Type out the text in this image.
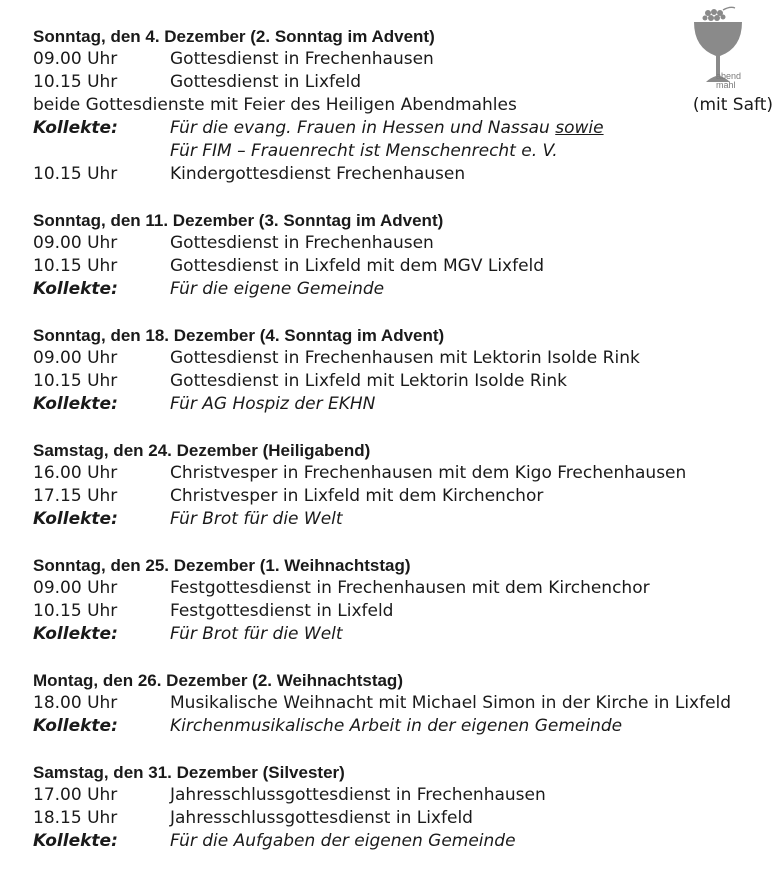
abend
mahl
Sonntag, den 4. Dezember (2. Sonntag im Advent)
09.00 Uhr	Gottesdienst in Frechenhausen
10.15 Uhr	Gottesdienst in Lixfeld
beide Gottesdienste mit Feier des Heiligen Abendmahles	(mit Saft)
Kollekte:	Für die evang. Frauen in Hessen und Nassau sowie
Für FIM – Frauenrecht ist Menschenrecht e. V.
10.15 Uhr	Kindergottesdienst Frechenhausen
Sonntag, den 11. Dezember (3. Sonntag im Advent)
09.00 Uhr	Gottesdienst in Frechenhausen
10.15 Uhr	Gottesdienst in Lixfeld mit dem MGV Lixfeld
Kollekte:	Für die eigene Gemeinde
Sonntag, den 18. Dezember (4. Sonntag im Advent)
09.00 Uhr	Gottesdienst in Frechenhausen mit Lektorin Isolde Rink
10.15 Uhr	Gottesdienst in Lixfeld mit Lektorin Isolde Rink
Kollekte:	Für AG Hospiz der EKHN
Samstag, den 24. Dezember (Heiligabend)
16.00 Uhr	Christvesper in Frechenhausen mit dem Kigo Frechenhausen
17.15 Uhr	Christvesper in Lixfeld mit dem Kirchenchor
Kollekte:	Für Brot für die Welt
Sonntag, den 25. Dezember (1. Weihnachtstag)
09.00 Uhr	Festgottesdienst in Frechenhausen mit dem Kirchenchor
10.15 Uhr	Festgottesdienst in Lixfeld
Kollekte:	Für Brot für die Welt
Montag, den 26. Dezember (2. Weihnachtstag)
18.00 Uhr	Musikalische Weihnacht mit Michael Simon in der Kirche in Lixfeld
Kollekte:	Kirchenmusikalische Arbeit in der eigenen Gemeinde
Samstag, den 31. Dezember (Silvester)
17.00 Uhr	Jahresschlussgottesdienst in Frechenhausen
18.15 Uhr	Jahresschlussgottesdienst in Lixfeld
Kollekte:	Für die Aufgaben der eigenen Gemeinde
